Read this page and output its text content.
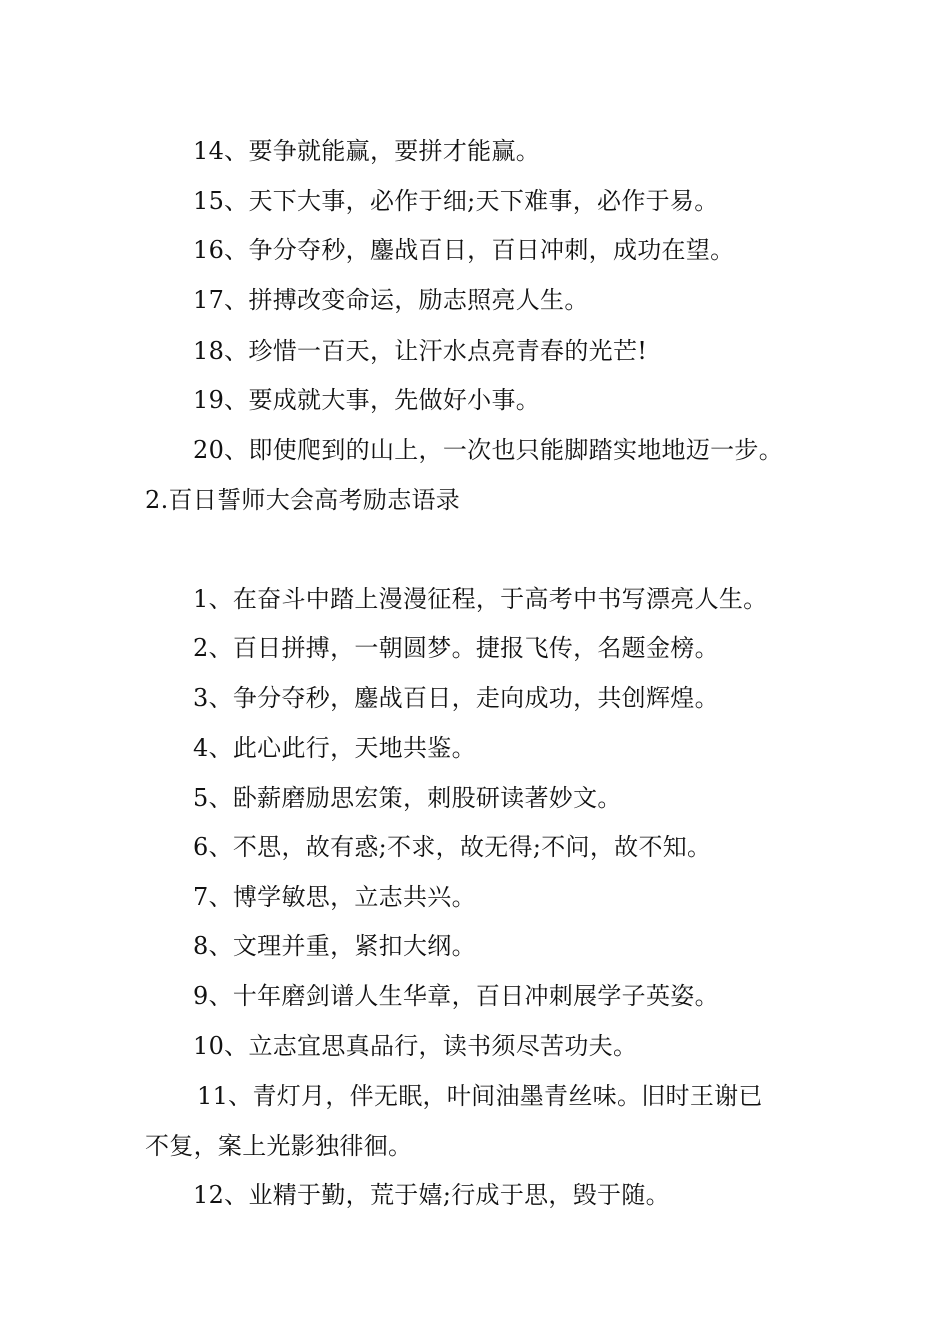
14、要争就能赢，要拼才能赢。
15、天下大事，必作于细;天下难事，必作于易。
16、争分夺秒，鏖战百日，百日冲刺，成功在望。
17、拼搏改变命运，励志照亮人生。
18、珍惜一百天，让汗水点亮青春的光芒!
19、要成就大事，先做好小事。
20、即使爬到的山上，一次也只能脚踏实地地迈一步。
2.百日誓师大会高考励志语录
1、在奋斗中踏上漫漫征程，于高考中书写漂亮人生。
2、百日拼搏，一朝圆梦。捷报飞传，名题金榜。
3、争分夺秒，鏖战百日，走向成功，共创辉煌。
4、此心此行，天地共鉴。
5、卧薪磨励思宏策，刺股研读著妙文。
6、不思，故有惑;不求，故无得;不问，故不知。
7、博学敏思，立志共兴。
8、文理并重，紧扣大纲。
9、十年磨剑谱人生华章，百日冲刺展学子英姿。
10、立志宜思真品行，读书须尽苦功夫。
11、青灯月，伴无眠，叶间油墨青丝味。旧时王谢已
不复，案上光影独徘徊。
12、业精于勤，荒于嬉;行成于思，毁于随。
